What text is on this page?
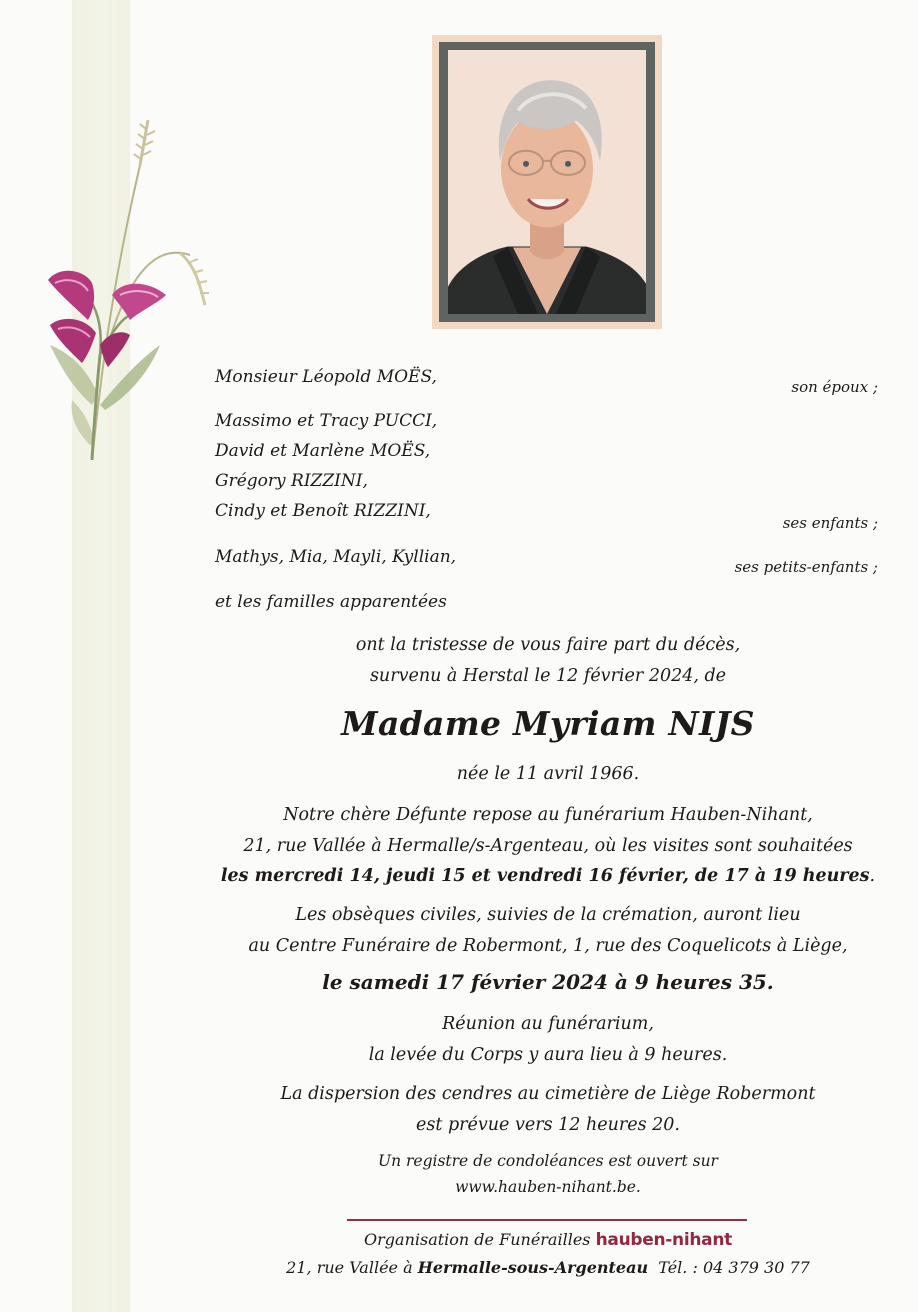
Monsieur Léopold MOËS,	son époux ;
Massimo et Tracy PUCCI,
David et Marlène MOËS,
Grégory RIZZINI,
Cindy et Benoît RIZZINI,
ses enfants ;
Mathys, Mia, Mayli, Kyllian,	ses petits-enfants ;
et les familles apparentées
ont la tristesse de vous faire part du décès,
survenu à Herstal le 12 février 2024, de
Madame Myriam NIJS
née le 11 avril 1966.
Notre chère Défunte repose au funérarium Hauben-Nihant,
21, rue Vallée à Hermalle/s-Argenteau, où les visites sont souhaitées
les mercredi 14, jeudi 15 et vendredi 16 février, de 17 à 19 heures.
Les obsèques civiles, suivies de la crémation, auront lieu
au Centre Funéraire de Robermont, 1, rue des Coquelicots à Liège,
le samedi 17 février 2024 à 9 heures 35.
Réunion au funérarium,
la levée du Corps y aura lieu à 9 heures.
La dispersion des cendres au cimetière de Liège Robermont
est prévue vers 12 heures 20.
Un registre de condoléances est ouvert sur
www.hauben-nihant.be.
Organisation de Funérailles hauben-nihant
21, rue Vallée à Hermalle-sous-Argenteau Tél. : 04 379 30 77
